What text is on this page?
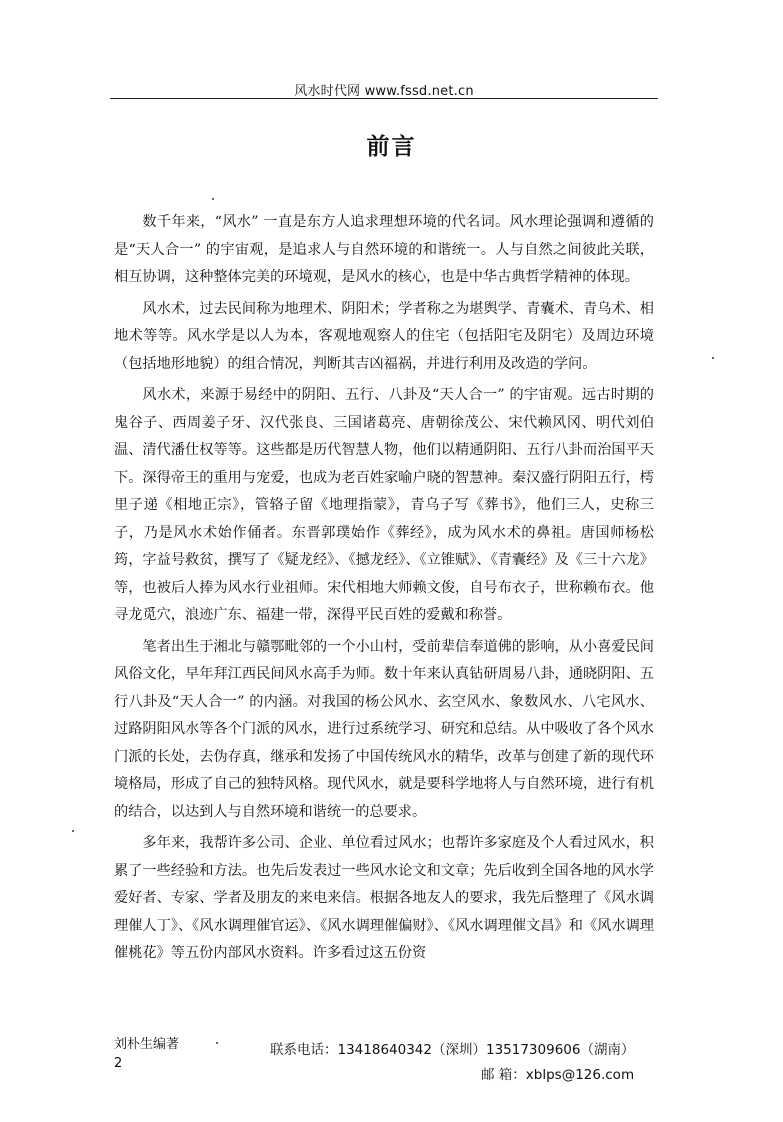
风水时代网 www.fssd.net.cn
前言

数千年来，“风水” 一直是东方人追求理想环境的代名词。风水理论强调和遵循的是“天人合一” 的宇宙观，是追求人与自然环境的和谐统一。人与自然之间彼此关联，相互协调，这种整体完美的环境观，是风水的核心，也是中华古典哲学精神的体现。

风水术，过去民间称为地理术、阴阳术；学者称之为堪舆学、青囊术、青乌术、相地术等等。风水学是以人为本，客观地观察人的住宅（包括阳宅及阴宅）及周边环境（包括地形地貌）的组合情况，判断其吉凶福祸，并进行利用及改造的学问。

风水术，来源于易经中的阴阳、五行、八卦及“天人合一” 的宇宙观。远古时期的鬼谷子、西周姜子牙、汉代张良、三国诸葛亮、唐朝徐茂公、宋代赖风冈、明代刘伯温、清代潘仕权等等。这些都是历代智慧人物，他们以精通阴阳、五行八卦而治国平天下。深得帝王的重用与宠爱，也成为老百姓家喻户晓的智慧神。秦汉盛行阴阳五行，樗里子递《相地正宗》，管辂子留《地理指蒙》，青乌子写《葬书》，他们三人，史称三子，乃是风水术始作俑者。东晋郭璞始作《葬经》，成为风水术的鼻祖。唐国师杨松筠，字益号救贫，撰写了《疑龙经》、《撼龙经》、《立锥赋》、《青囊经》及《三十六龙》等，也被后人捧为风水行业祖师。宋代相地大师赖文俊，自号布衣子，世称赖布衣。他寻龙觅穴，浪迹广东、福建一带，深得平民百姓的爱戴和称誉。

笔者出生于湘北与赣鄂毗邻的一个小山村，受前辈信奉道佛的影响，从小喜爱民间风俗文化，早年拜江西民间风水高手为师。数十年来认真钻研周易八卦，通晓阴阳、五行八卦及“天人合一” 的内涵。对我国的杨公风水、玄空风水、象数风水、八宅风水、过路阴阳风水等各个门派的风水，进行过系统学习、研究和总结。从中吸收了各个风水门派的长处，去伪存真，继承和发扬了中国传统风水的精华，改革与创建了新的现代环境格局，形成了自己的独特风格。现代风水，就是要科学地将人与自然环境，进行有机的结合，以达到人与自然环境和谐统一的总要求。

多年来，我帮许多公司、企业、单位看过风水；也帮许多家庭及个人看过风水，积累了一些经验和方法。也先后发表过一些风水论文和文章；先后收到全国各地的风水学爱好者、专家、学者及朋友的来电来信。根据各地友人的要求，我先后整理了《风水调理催人丁》、《风水调理催官运》、《风水调理催偏财》、《风水调理催文昌》和《风水调理催桃花》等五份内部风水资料。许多看过这五份资

刘朴生编著
2
联系电话：13418640342（深圳）13517309606（湖南）
邮 箱：xblps@126.com
